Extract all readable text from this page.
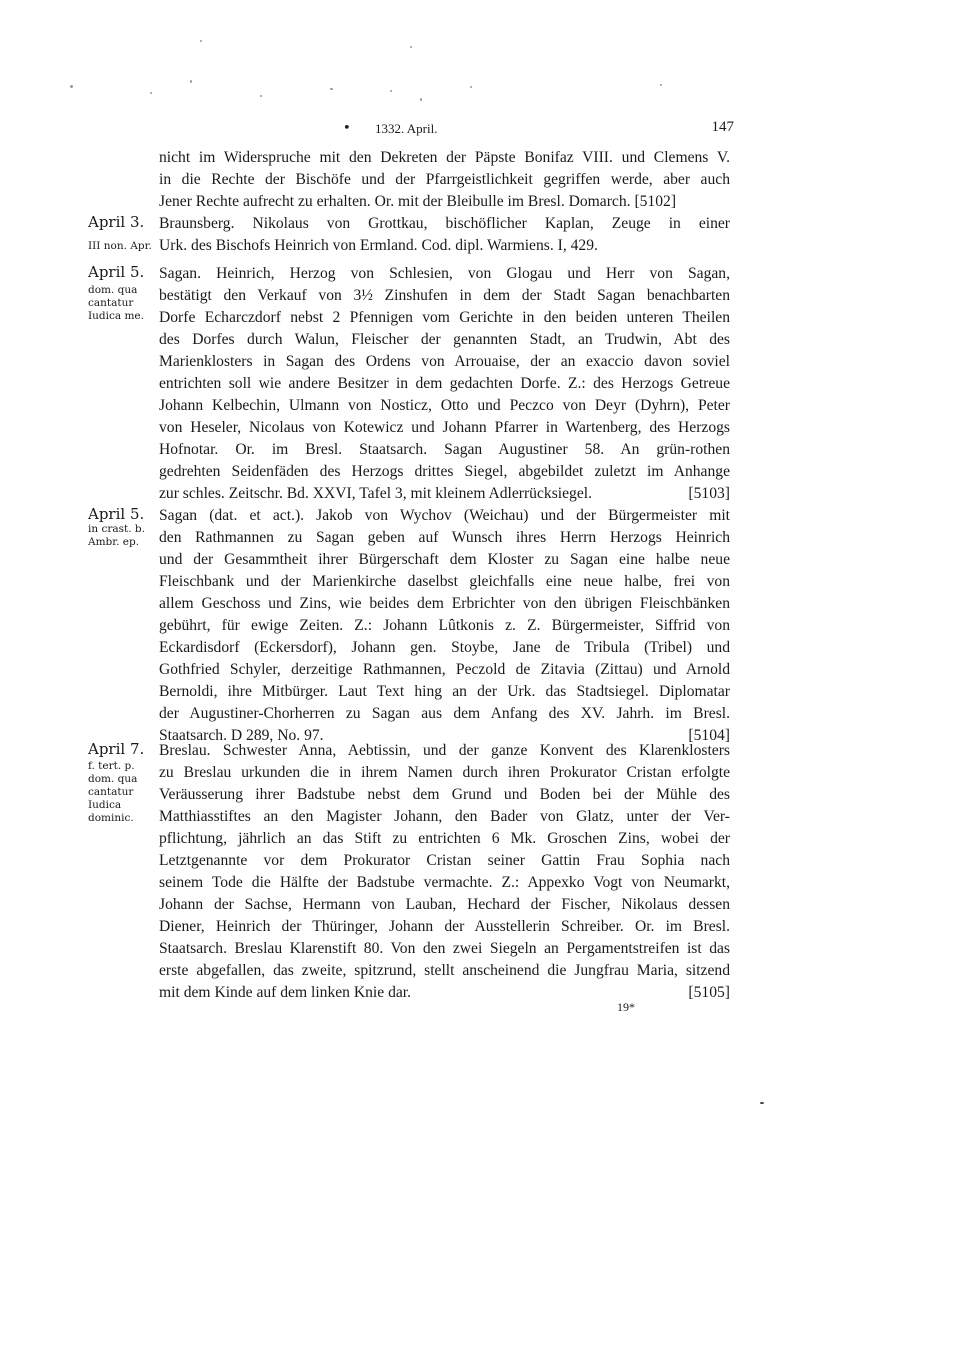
• 1332. April.	147
nicht im Widerspruche mit den Dekreten der Päpste Bonifaz VIII. und Clemens V.
in die Rechte der Bischöfe und der Pfarrgeistlichkeit gegriffen werde, aber auch
Jener Rechte aufrecht zu erhalten. Or. mit der Bleibulle im Bresl. Domarch. [5102]
April 3.
III non. Apr.
Braunsberg. Nikolaus von Grottkau, bischöflicher Kaplan, Zeuge in einer
Urk. des Bischofs Heinrich von Ermland. Cod. dipl. Warmiens. I, 429.
April 5.
dom. qua cantatur Iudica me.
Sagan. Heinrich, Herzog von Schlesien, von Glogau und Herr von Sagan,
bestätigt den Verkauf von 3½ Zinshufen in dem der Stadt Sagan benachbarten
Dorfe Echarczdorf nebst 2 Pfennigen vom Gerichte in den beiden unteren Theilen
des Dorfes durch Walun, Fleischer der genannten Stadt, an Trudwin, Abt des
Marienklosters in Sagan des Ordens von Arrouaise, der an exaccio davon soviel
entrichten soll wie andere Besitzer in dem gedachten Dorfe. Z.: des Herzogs Getreue
Johann Kelbechin, Ulmann von Nosticz, Otto und Peczco von Deyr (Dyhrn), Peter
von Heseler, Nicolaus von Kotewicz und Johann Pfarrer in Wartenberg, des Herzogs
Hofnotar. Or. im Bresl. Staatsarch. Sagan Augustiner 58. An grün-rothen
gedrehten Seidenfäden des Herzogs drittes Siegel, abgebildet zuletzt im Anhange
zur schles. Zeitschr. Bd. XXVI, Tafel 3, mit kleinem Adlerrücksiegel.	[5103]
April 5.
in crast. b. Ambr. ep.
Sagan (dat. et act.). Jakob von Wychov (Weichau) und der Bürgermeister mit
den Rathmannen zu Sagan geben auf Wunsch ihres Herrn Herzogs Heinrich
und der Gesammtheit ihrer Bürgerschaft dem Kloster zu Sagan eine halbe neue
Fleischbank und der Marienkirche daselbst gleichfalls eine neue halbe, frei von
allem Geschoss und Zins, wie beides dem Erbrichter von den übrigen Fleischbänken
gebührt, für ewige Zeiten. Z.: Johann Lûtkonis z. Z. Bürgermeister, Siffrid von
Eckardisdorf (Eckersdorf), Johann gen. Stoybe, Jane de Tribula (Tribel) und
Gothfried Schyler, derzeitige Rathmannen, Peczold de Zitavia (Zittau) und Arnold
Bernoldi, ihre Mitbürger. Laut Text hing an der Urk. das Stadtsiegel. Diplomatar
der Augustiner-Chorherren zu Sagan aus dem Anfang des XV. Jahrh. im Bresl.
Staatsarch. D 289, No. 97.	[5104]
April 7.
f. tert. p. dom. qua cantatur Iudica dominic.
Breslau. Schwester Anna, Aebtissin, und der ganze Konvent des Klarenklosters
zu Breslau urkunden die in ihrem Namen durch ihren Prokurator Cristan erfolgte
Veräusserung ihrer Badstube nebst dem Grund und Boden bei der Mühle des
Matthiasstiftes an den Magister Johann, den Bader von Glatz, unter der Ver-
pflichtung, jährlich an das Stift zu entrichten 6 Mk. Groschen Zins, wobei der
Letztgenannte vor dem Prokurator Cristan seiner Gattin Frau Sophia nach
seinem Tode die Hälfte der Badstube vermachte. Z.: Appexko Vogt von Neumarkt,
Johann der Sachse, Hermann von Lauban, Hechard der Fischer, Nikolaus dessen
Diener, Heinrich der Thüringer, Johann der Ausstellerin Schreiber. Or. im Bresl.
Staatsarch. Breslau Klarenstift 80. Von den zwei Siegeln an Pergamentstreifen ist das
erste abgefallen, das zweite, spitzrund, stellt anscheinend die Jungfrau Maria, sitzend
mit dem Kinde auf dem linken Knie dar.	[5105]
19*
